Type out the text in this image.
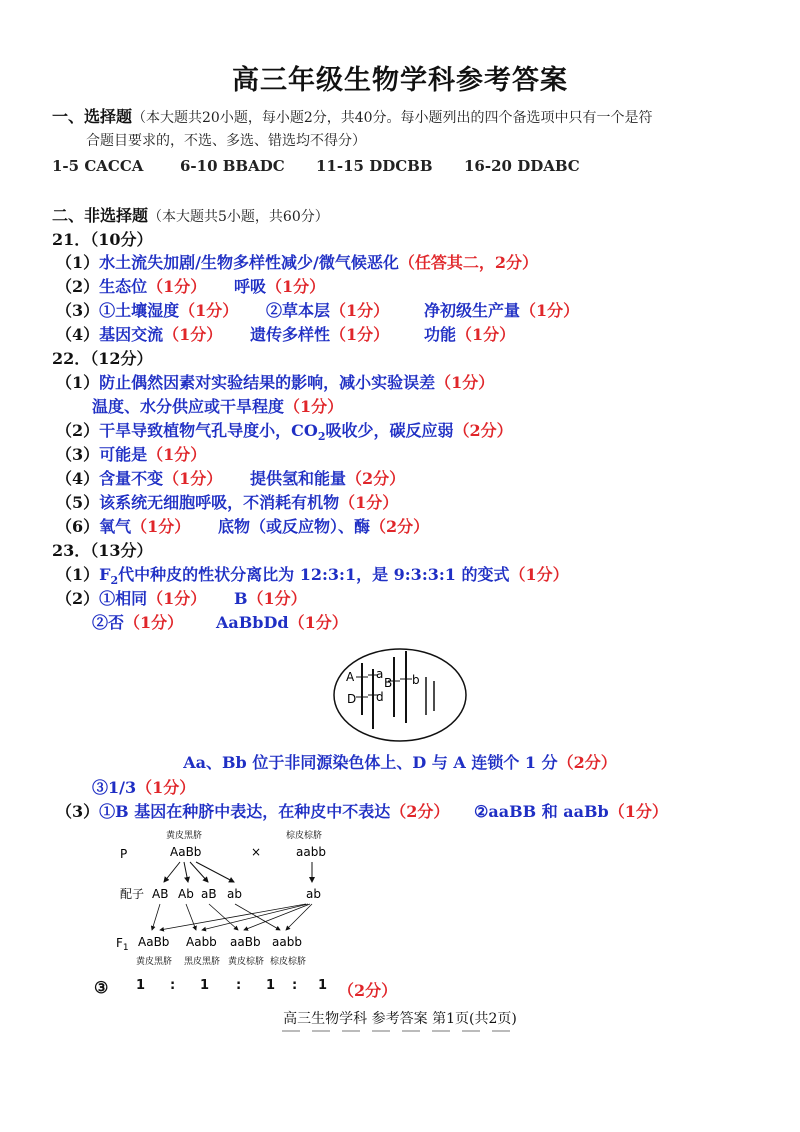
高三年级生物学科参考答案
一、选择题（本大题共20小题，每小题2分，共40分。每小题列出的四个备选项中只有一个是符
合题目要求的，不选、多选、错选均不得分）
1-5 CACCA 6-10 BBADC 11-15 DDCBB 16-20 DDABC
二、非选择题（本大题共5小题，共60分）
21．（10分）
（1）水土流失加剧/生物多样性减少/微气候恶化（任答其二，2分）
（2）生态位（1分） 呼吸（1分）
（3）①土壤湿度（1分） ②草本层（1分） 净初级生产量（1分）
（4）基因交流（1分） 遗传多样性（1分） 功能（1分）
22．（12分）
（1）防止偶然因素对实验结果的影响，减小实验误差（1分）
温度、水分供应或干旱程度（1分）
（2）干旱导致植物气孔导度小，$CO_2$吸收少，碳反应弱（2分）
（3）可能是（1分）
（4）含量不变（1分） 提供氢和能量（2分）
（5）该系统无细胞呼吸，不消耗有机物（1分）
（6）氧气（1分） 底物（或反应物）、酶（2分）
23．（13分）
$(1)F_2$代中种皮的性状分离比为 12:3:1，是 9:3:3:1 的变式（1分）
（2）①相同（1分） B（1分）
②否（1分） AaBbDd（1分）
A a
B b
D d
Aa、Bb 位于非同源染色体上、D 与 A 连锁个 1 分（2分）
③1/3（1分）
（3）①B 基因在种脐中表达，在种皮中不表达（2分） ②aaBB 和 aaBb（1分）
黄皮黑脐	棕皮棕脐
P	AaBb	×	aabb
配子 AB Ab aB ab	ab
$F_1$ AaBb Aabb aaBb aabb
黄皮黑脐 黑皮黑脐 黄皮棕脐 棕皮棕脐
③ 1 : 1 : 1 : 1 （2分）
高三生物学科 参考答案 第1页(共2页)
